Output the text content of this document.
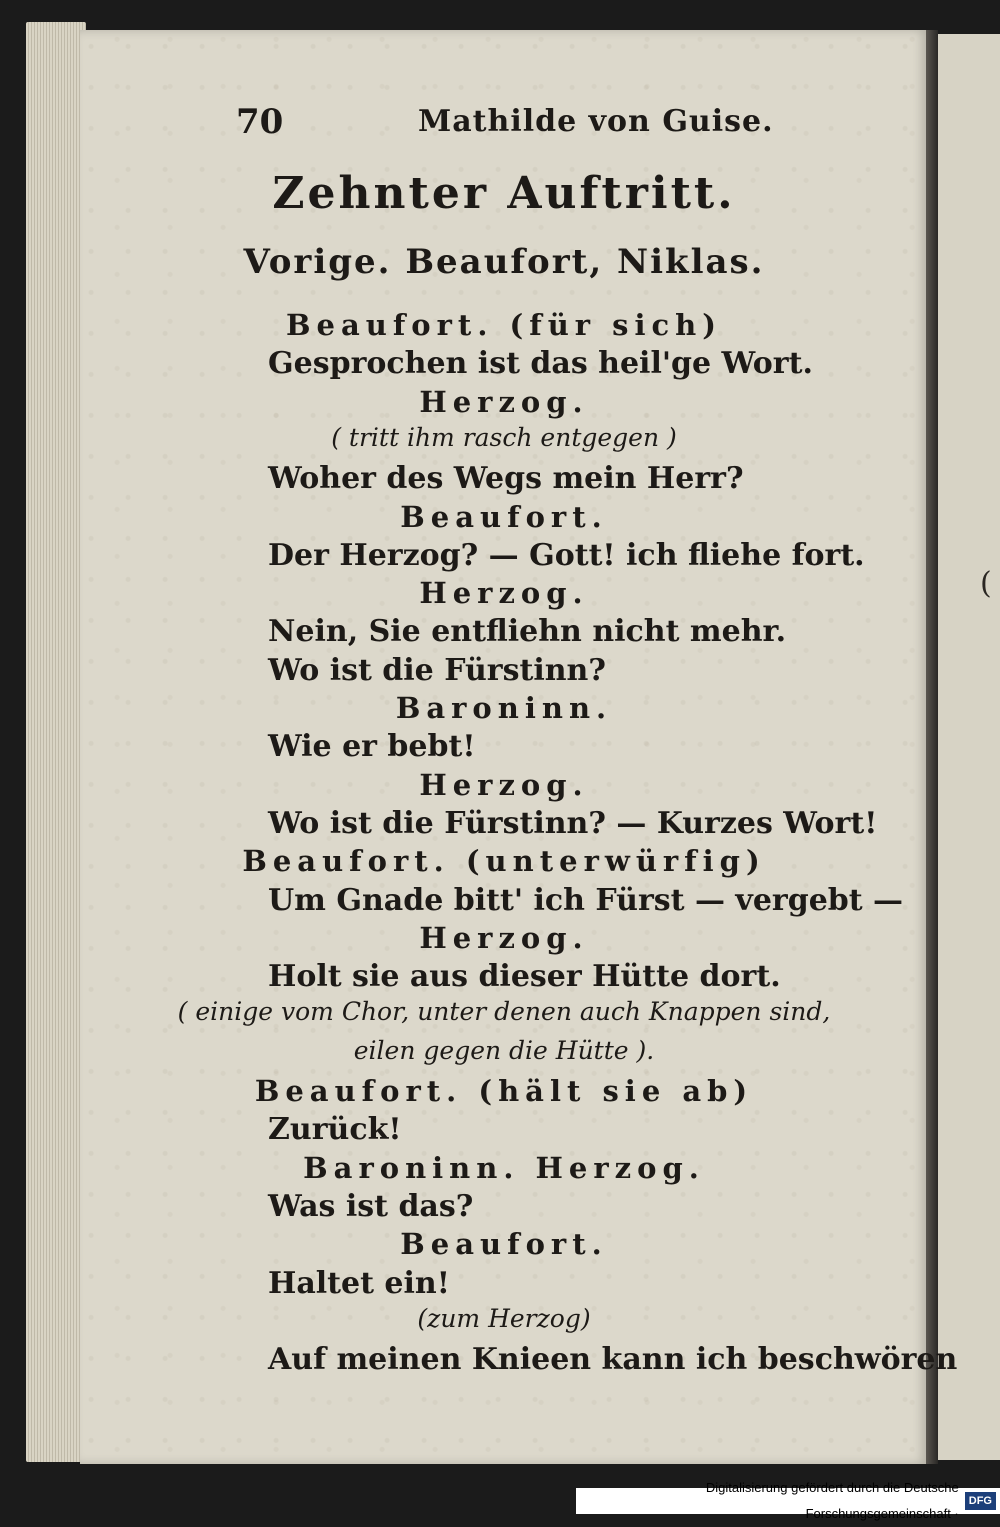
(
70	Mathilde von Guise.
Zehnter Auftritt.
Vorige. Beaufort, Niklas.
Beaufort. (für sich)
Gesprochen ist das heil'ge Wort.
Herzog.
( tritt ihm rasch entgegen )
Woher des Wegs mein Herr?
Beaufort.
Der Herzog? — Gott! ich fliehe fort.
Herzog.
Nein, Sie entfliehn nicht mehr.
Wo ist die Fürstinn?
Baroninn.
Wie er bebt!
Herzog.
Wo ist die Fürstinn? — Kurzes Wort!
Beaufort. (unterwürfig)
Um Gnade bitt' ich Fürst — vergebt —
Herzog.
Holt sie aus dieser Hütte dort.
( einige vom Chor, unter denen auch Knappen sind,
eilen gegen die Hütte ).
Beaufort. (hält sie ab)
Zurück!
Baroninn. Herzog.
Was ist das?
Beaufort.
Haltet ein!
(zum Herzog)
Auf meinen Knieen kann ich beschwören
Digitalisierung gefördert durch die Deutsche Forschungsgemeinschaft ·
DFG
